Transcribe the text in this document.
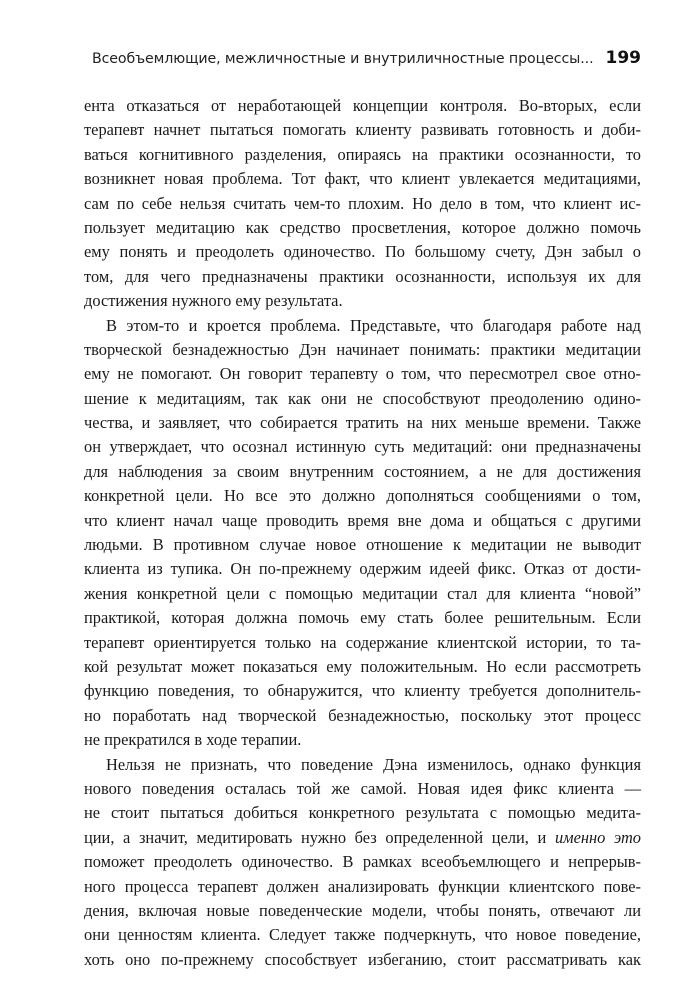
Всеобъемлющие, межличностные и внутриличностные процессы... 199
ента отказаться от неработающей концепции контроля. Во-вторых, если
терапевт начнет пытаться помогать клиенту развивать готовность и доби-
ваться когнитивного разделения, опираясь на практики осознанности, то
возникнет новая проблема. Тот факт, что клиент увлекается медитациями,
сам по себе нельзя считать чем-то плохим. Но дело в том, что клиент ис-
пользует медитацию как средство просветления, которое должно помочь
ему понять и преодолеть одиночество. По большому счету, Дэн забыл о
том, для чего предназначены практики осознанности, используя их для
достижения нужного ему результата.
В этом-то и кроется проблема. Представьте, что благодаря работе над
творческой безнадежностью Дэн начинает понимать: практики медитации
ему не помогают. Он говорит терапевту о том, что пересмотрел свое отно-
шение к медитациям, так как они не способствуют преодолению одино-
чества, и заявляет, что собирается тратить на них меньше времени. Также
он утверждает, что осознал истинную суть медитаций: они предназначены
для наблюдения за своим внутренним состоянием, а не для достижения
конкретной цели. Но все это должно дополняться сообщениями о том,
что клиент начал чаще проводить время вне дома и общаться с другими
людьми. В противном случае новое отношение к медитации не выводит
клиента из тупика. Он по-прежнему одержим идеей фикс. Отказ от дости-
жения конкретной цели с помощью медитации стал для клиента “новой”
практикой, которая должна помочь ему стать более решительным. Если
терапевт ориентируется только на содержание клиентской истории, то та-
кой результат может показаться ему положительным. Но если рассмотреть
функцию поведения, то обнаружится, что клиенту требуется дополнитель-
но поработать над творческой безнадежностью, поскольку этот процесс
не прекратился в ходе терапии.
Нельзя не признать, что поведение Дэна изменилось, однако функция
нового поведения осталась той же самой. Новая идея фикс клиента —
не стоит пытаться добиться конкретного результата с помощью медита-
ции, а значит, медитировать нужно без определенной цели, и именно это
поможет преодолеть одиночество. В рамках всеобъемлющего и непрерыв-
ного процесса терапевт должен анализировать функции клиентского пове-
дения, включая новые поведенческие модели, чтобы понять, отвечают ли
они ценностям клиента. Следует также подчеркнуть, что новое поведение,
хоть оно по-прежнему способствует избеганию, стоит рассматривать как
